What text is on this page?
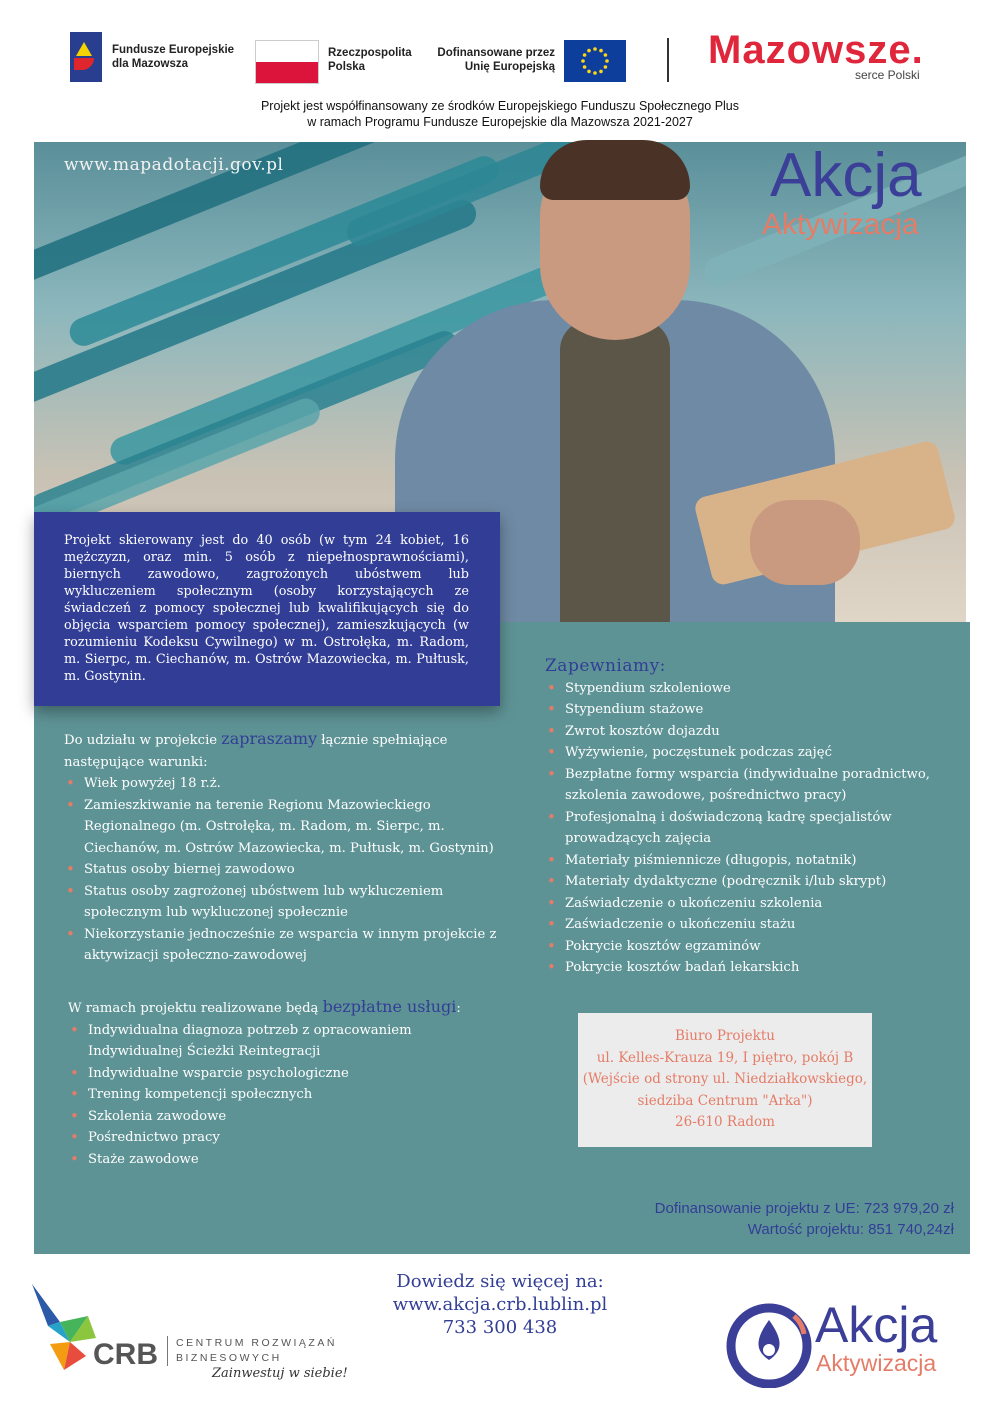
Fundusze Europejskie
dla Mazowsza
Rzeczpospolita
Polska
Dofinansowane przez
Unię Europejską	Mazowsze.
serce Polski
Projekt jest współfinansowany ze środków Europejskiego Funduszu Społecznego Plus
w ramach Programu Fundusze Europejskie dla Mazowsza 2021-2027
www.mapadotacji.gov.pl	Akcja
Aktywizacja
Projekt skierowany jest do 40 osób (w tym 24 kobiet, 16 mężczyzn, oraz min. 5 osób z niepełnosprawnościami), biernych zawodowo, zagrożonych ubóstwem lub wykluczeniem społecznym (osoby korzystających ze świadczeń z pomocy społecznej lub kwalifikujących się do objęcia wsparciem pomocy społecznej), zamieszkujących (w rozumieniu Kodeksu Cywilnego) w m. Ostrołęka, m. Radom, m. Sierpc, m. Ciechanów, m. Ostrów Mazowiecka, m. Pułtusk, m. Gostynin.
Do udziału w projekcie zapraszamy łącznie spełniające następujące warunki:
• Wiek powyżej 18 r.ż.
• Zamieszkiwanie na terenie Regionu Mazowieckiego Regionalnego (m. Ostrołęka, m. Radom, m. Sierpc, m. Ciechanów, m. Ostrów Mazowiecka, m. Pułtusk, m. Gostynin)
• Status osoby biernej zawodowo
• Status osoby zagrożonej ubóstwem lub wykluczeniem społecznym lub wykluczonej społecznie
• Niekorzystanie jednocześnie ze wsparcia w innym projekcie z aktywizacji społeczno-zawodowej
W ramach projektu realizowane będą bezpłatne usługi:
• Indywidualna diagnoza potrzeb z opracowaniem Indywidualnej Ścieżki Reintegracji
• Indywidualne wsparcie psychologiczne
• Trening kompetencji społecznych
• Szkolenia zawodowe
• Pośrednictwo pracy
• Staże zawodowe
Zapewniamy:
• Stypendium szkoleniowe
• Stypendium stażowe
• Zwrot kosztów dojazdu
• Wyżywienie, poczęstunek podczas zajęć
• Bezpłatne formy wsparcia (indywidualne poradnictwo, szkolenia zawodowe, pośrednictwo pracy)
• Profesjonalną i doświadczoną kadrę specjalistów prowadzących zajęcia
• Materiały piśmiennicze (długopis, notatnik)
• Materiały dydaktyczne (podręcznik i/lub skrypt)
• Zaświadczenie o ukończeniu szkolenia
• Zaświadczenie o ukończeniu stażu
• Pokrycie kosztów egzaminów
• Pokrycie kosztów badań lekarskich
Biuro Projektu
ul. Kelles-Krauza 19, I piętro, pokój B
(Wejście od strony ul. Niedziałkowskiego,
siedziba Centrum "Arka")
26-610 Radom
Dofinansowanie projektu z UE: 723 979,20 zł
Wartość projektu: 851 740,24zł
Dowiedz się więcej na:
www.akcja.crb.lublin.pl
733 300 438
CRB CENTRUM ROZWIĄZAŃ
BIZNESOWYCH
Zainwestuj w siebie!
Akcja
Aktywizacja
